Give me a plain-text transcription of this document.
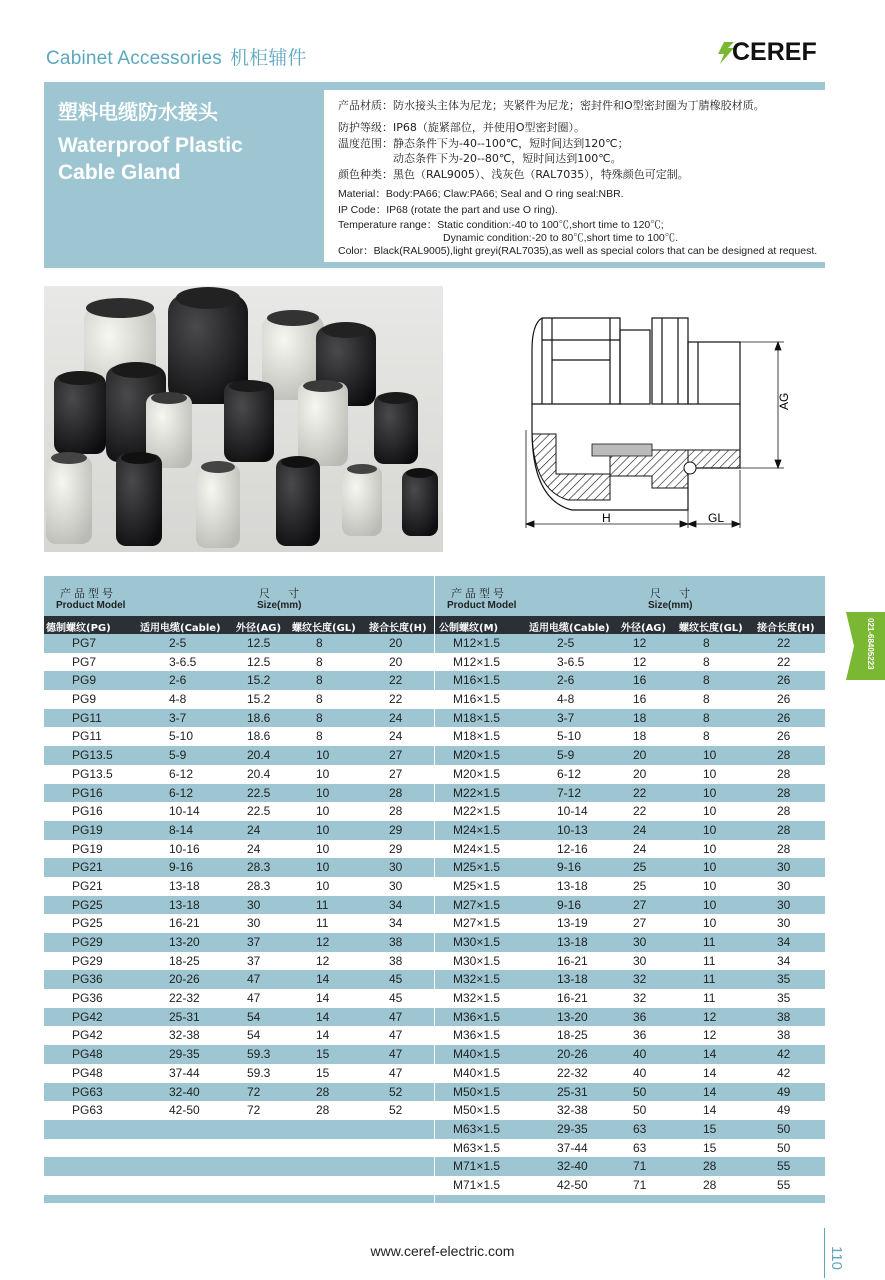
Cabinet Accessories 机柜辅件	CEREF
塑料电缆防水接头
Waterproof Plastic
Cable Gland
产品材质：防水接头主体为尼龙；夹紧件为尼龙；密封件和O型密封圈为丁腈橡胶材质。
防护等级：IP68（旋紧部位，并使用O型密封圈）。
温度范围：静态条件下为-40--100℃，短时间达到120℃；
　　　　　动态条件下为-20--80℃，短时间达到100℃。
颜色种类：黑色（RAL9005）、浅灰色（RAL7035），特殊颜色可定制。
Material：Body:PA66; Claw:PA66; Seal and O ring seal:NBR.
IP Code：IP68 (rotate the part and use O ring).
Temperature range：Static condition:-40 to 100℃,short time to 120℃;
　　　　　　　　　　Dynamic condition:-20 to 80℃,short time to 100℃.
Color：Black(RAL9005),light greyi(RAL7035),as well as special colors that can be designed at request.
AG
H	GL
产品型号
Product Model
尺寸
Size(mm)
德制螺纹(PG)	适用电缆(Cable) 外径(AG) 螺纹长度(GL) 接合长度(H)
PG7	2-5	12.5	8	20
PG7	3-6.5	12.5	8	20
PG9	2-6	15.2	8	22
PG9	4-8	15.2	8	22
PG11	3-7	18.6	8	24
PG11	5-10	18.6	8	24
PG13.5	5-9	20.4	10	27
PG13.5	6-12	20.4	10	27
PG16	6-12	22.5	10	28
PG16	10-14	22.5	10	28
PG19	8-14	24	10	29
PG19	10-16	24	10	29
PG21	9-16	28.3	10	30
PG21	13-18	28.3	10	30
PG25	13-18	30	11	34
PG25	16-21	30	11	34
PG29	13-20	37	12	38
PG29	18-25	37	12	38
PG36	20-26	47	14	45
PG36	22-32	47	14	45
PG42	25-31	54	14	47
PG42	32-38	54	14	47
PG48	29-35	59.3	15	47
PG48	37-44	59.3	15	47
PG63	32-40	72	28	52
PG63	42-50	72	28	52
产品型号
Product Model
尺寸
Size(mm)
公制螺纹(M)	适用电缆(Cable) 外径(AG) 螺纹长度(GL) 接合长度(H)
M12×1.5	2-5	12	8	22
M12×1.5	3-6.5	12	8	22
M16×1.5	2-6	16	8	26
M16×1.5	4-8	16	8	26
M18×1.5	3-7	18	8	26
M18×1.5	5-10	18	8	26
M20×1.5	5-9	20	10	28
M20×1.5	6-12	20	10	28
M22×1.5	7-12	22	10	28
M22×1.5	10-14	22	10	28
M24×1.5	10-13	24	10	28
M24×1.5	12-16	24	10	28
M25×1.5	9-16	25	10	30
M25×1.5	13-18	25	10	30
M27×1.5	9-16	27	10	30
M27×1.5	13-19	27	10	30
M30×1.5	13-18	30	11	34
M30×1.5	16-21	30	11	34
M32×1.5	13-18	32	11	35
M32×1.5	16-21	32	11	35
M36×1.5	13-20	36	12	38
M36×1.5	18-25	36	12	38
M40×1.5	20-26	40	14	42
M40×1.5	22-32	40	14	42
M50×1.5	25-31	50	14	49
M50×1.5	32-38	50	14	49
M63×1.5	29-35	63	15	50
M63×1.5	37-44	63	15	50
M71×1.5	32-40	71	28	55
M71×1.5	42-50	71	28	55
021-68405223
www.ceref-electric.com	110
